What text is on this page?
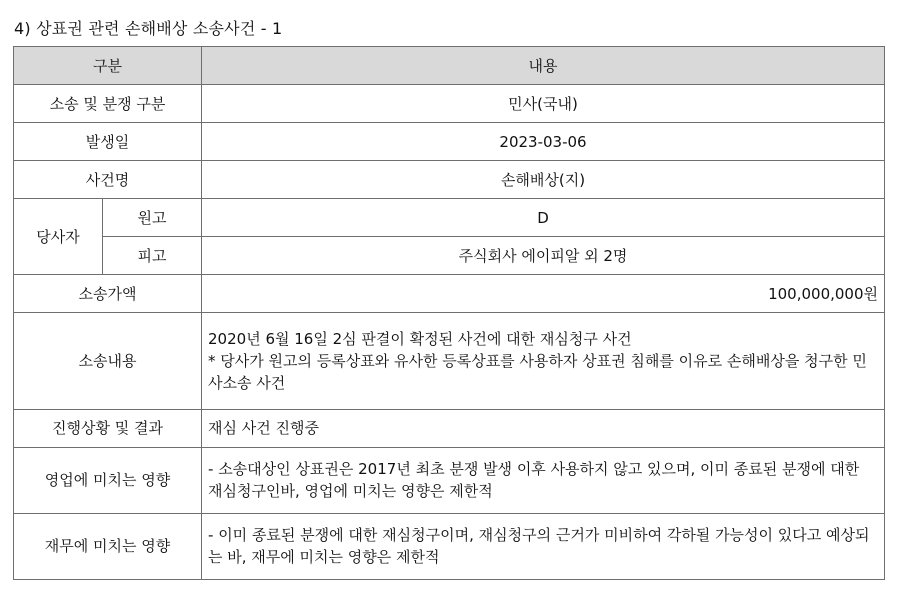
4) 상표권 관련 손해배상 소송사건 - 1
구분		내용
소송 및 분쟁 구분		민사(국내)
발생일		2023-03-06
사건명		손해배상(지)
당사자	원고	D
	피고	주식회사 에이피알 외 2명
소송가액		100,000,000원
소송내용		2020년 6월 16일 2심 판결이 확정된 사건에 대한 재심청구 사건
* 당사가 원고의 등록상표와 유사한 등록상표를 사용하자 상표권 침해를 이유로 손해배상을 청구한 민사소송 사건

진행상황 및 결과		재심 사건 진행중
영업에 미치는 영향		- 소송대상인 상표권은 2017년 최초 분쟁 발생 이후 사용하지 않고 있으며, 이미 종료된 분쟁에 대한 재심청구인바, 영업에 미치는 영향은 제한적
재무에 미치는 영향		- 이미 종료된 분쟁에 대한 재심청구이며, 재심청구의 근거가 미비하여 각하될 가능성이 있다고 예상되는 바, 재무에 미치는 영향은 제한적
